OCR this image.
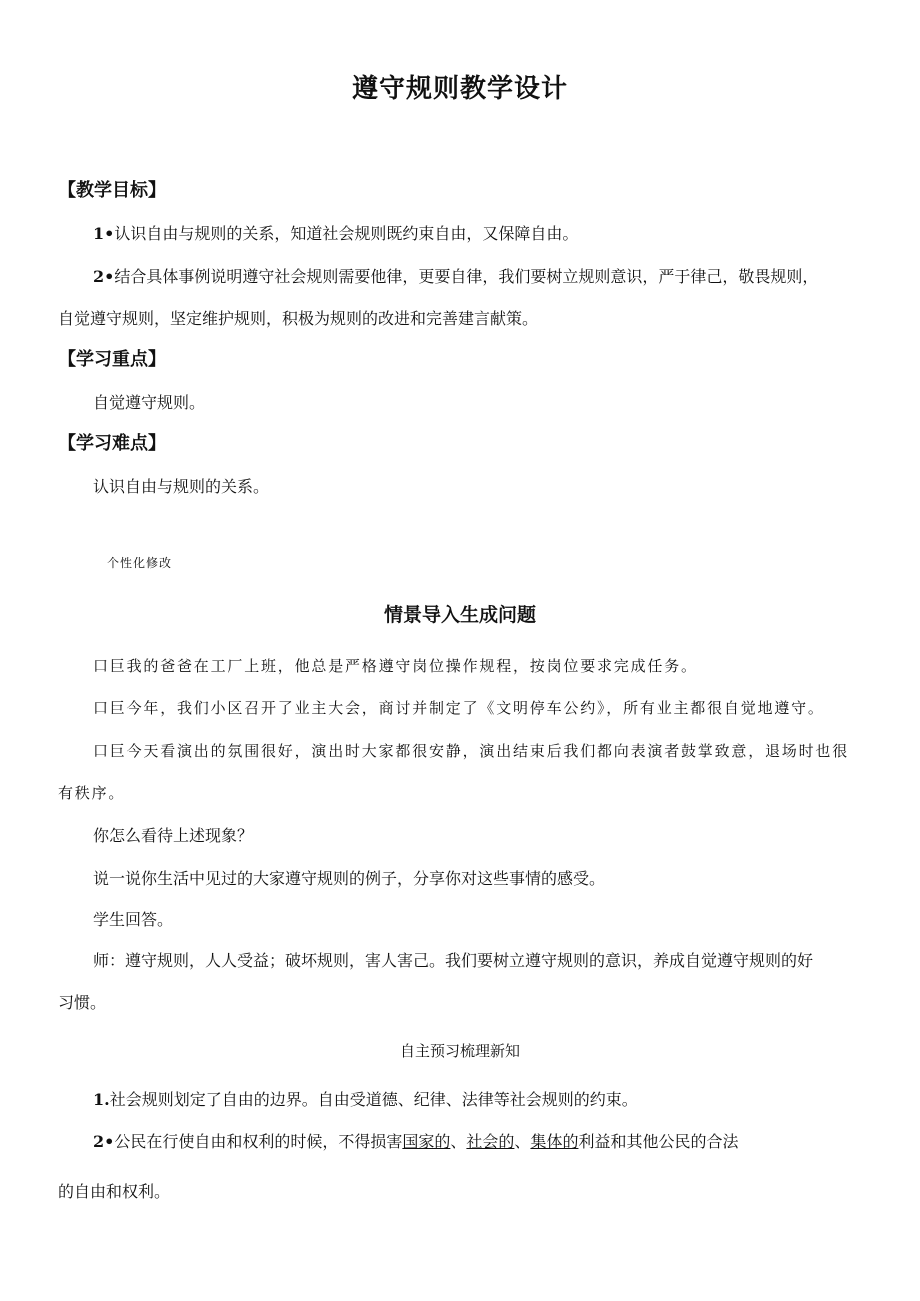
遵守规则教学设计
【教学目标】
1•认识自由与规则的关系，知道社会规则既约束自由，又保障自由。
2•结合具体事例说明遵守社会规则需要他律，更要自律，我们要树立规则意识，严于律己，敬畏规则，
自觉遵守规则，坚定维护规则，积极为规则的改进和完善建言献策。
【学习重点】
自觉遵守规则。
【学习难点】
认识自由与规则的关系。
个性化修改
情景导入生成问题
口巨我的爸爸在工厂上班，他总是严格遵守岗位操作规程，按岗位要求完成任务。
口巨今年，我们小区召开了业主大会，商讨并制定了《文明停车公约》，所有业主都很自觉地遵守。
口巨今天看演出的氛围很好，演出时大家都很安静，演出结束后我们都向表演者鼓掌致意，退场时也很
有秩序。
你怎么看待上述现象？
说一说你生活中见过的大家遵守规则的例子，分享你对这些事情的感受。
学生回答。
师：遵守规则，人人受益；破坏规则，害人害己。我们要树立遵守规则的意识，养成自觉遵守规则的好
习惯。
自主预习梳理新知
1.社会规则划定了自由的边界。自由受道德、纪律、法律等社会规则的约束。
2•公民在行使自由和权利的时候，不得损害国家的、社会的、集体的利益和其他公民的合法
的自由和权利。
